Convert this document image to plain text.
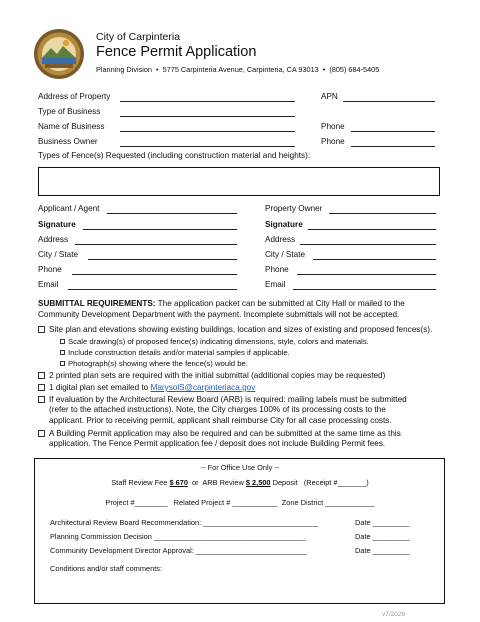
City of Carpinteria
Fence Permit Application
Planning Division  •  5775 Carpinteria Avenue, Carpinteria, CA 93013  •  (805) 684-5405
Address of Property	APN
Type of Business
Name of Business	Phone
Business Owner	Phone
Types of Fence(s) Requested (including construction material and heights):
Applicant / Agent	Property Owner
Signature	Signature
Address	Address
City / State	City / State
Phone	Phone
Email	Email
SUBMITTAL REQUIREMENTS: The application packet can be submitted at City Hall or mailed to the
Community Development Department with the payment. Incomplete submittals will not be accepted.
Site plan and elevations showing existing buildings, location and sizes of existing and proposed fences(s).
Scale drawing(s) of proposed fence(s) indicating dimensions, style, colors and materials.
Include construction details and/or material samples if applicable.
Photograph(s) showing where the fence(s) would be.
2 printed plan sets are required with the initial submittal (additional copies may be requested)
1 digital plan set emailed to MarysolS@carpinteriaca.gov
If evaluation by the Architectural Review Board (ARB) is required: mailing labels must be submitted
(refer to the attached instructions). Note, the City charges 100% of its processing costs to the
applicant. Prior to receiving permit, applicant shall reimburse City for all case processing costs.
A Building Permit application may also be required and can be submitted at the same time as this
application. The Fence Permit application fee / deposit does not include Building Permit fees.
-- For Office Use Only --
Staff Review Fee $ 670 or ARB Review $ 2,500 Deposit (Receipt #_______)
Project #________ Related Project # ___________ Zone District ____________
Architectural Review Board Recommendation: ____________________________	Date _________
Planning Commission Decision _____________________________________	Date _________
Community Development Director Approval: ___________________________	Date _________
Conditions and/or staff comments:
v7/2026
